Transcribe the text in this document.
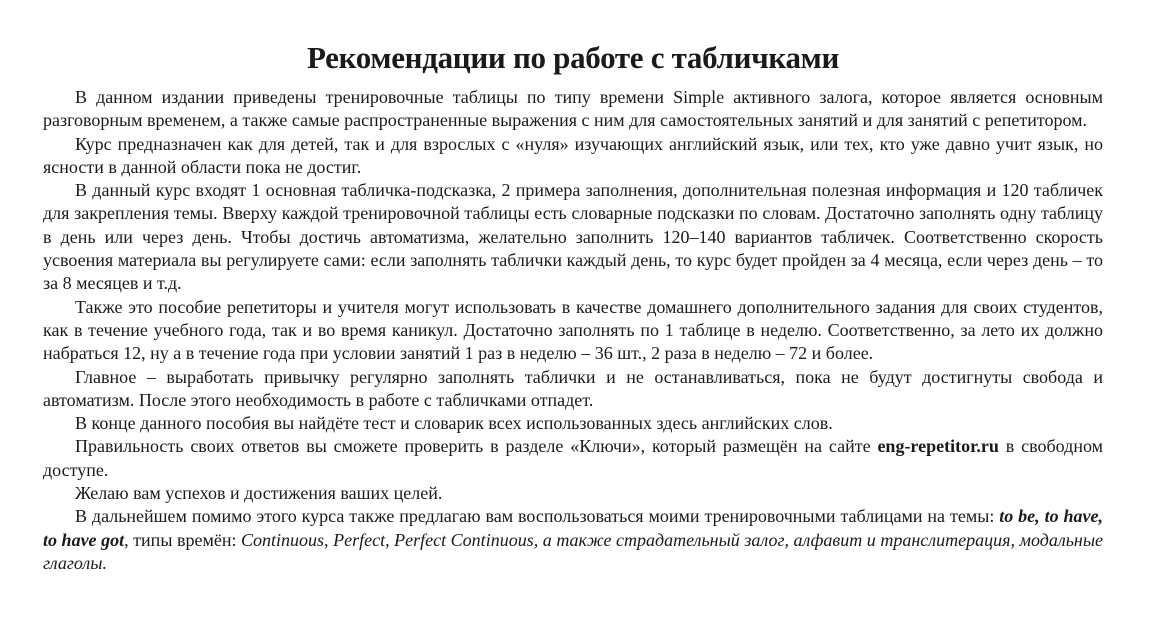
Рекомендации по работе с табличками

В данном издании приведены тренировочные таблицы по типу времени Simple активного залога, которое является основным разговорным временем, а также самые распространенные выражения с ним для самостоятельных занятий и для занятий с репетитором.

Курс предназначен как для детей, так и для взрослых с «нуля» изучающих английский язык, или тех, кто уже давно учит язык, но ясности в данной области пока не достиг.

В данный курс входят 1 основная табличка-подсказка, 2 примера заполнения, дополнительная полезная информация и 120 табличек для закрепления темы. Вверху каждой тренировочной таблицы есть словарные подсказки по словам. Достаточно заполнять одну таблицу в день или через день. Чтобы достичь автоматизма, желательно заполнить 120–140 вариантов табличек. Соответственно скорость усвоения материала вы регулируете сами: если заполнять таблички каждый день, то курс будет пройден за 4 месяца, если через день – то за 8 месяцев и т.д.

Также это пособие репетиторы и учителя могут использовать в качестве домашнего дополнительного задания для своих студентов, как в течение учебного года, так и во время каникул. Достаточно заполнять по 1 таблице в неделю. Соответственно, за лето их должно набраться 12, ну а в течение года при условии занятий 1 раз в неделю – 36 шт., 2 раза в неделю – 72 и более.

Главное – выработать привычку регулярно заполнять таблички и не останавливаться, пока не будут достигнуты свобода и автоматизм. После этого необходимость в работе с табличками отпадет.

В конце данного пособия вы найдёте тест и словарик всех использованных здесь английских слов.

Правильность своих ответов вы сможете проверить в разделе «Ключи», который размещён на сайте eng-repetitor.ru в свободном доступе.

Желаю вам успехов и достижения ваших целей.

В дальнейшем помимо этого курса также предлагаю вам воспользоваться моими тренировочными таблицами на темы: to be, to have, to have got, типы времён: Continuous, Perfect, Perfect Continuous, а также страдательный залог, алфавит и транслитерация, модальные глаголы.
